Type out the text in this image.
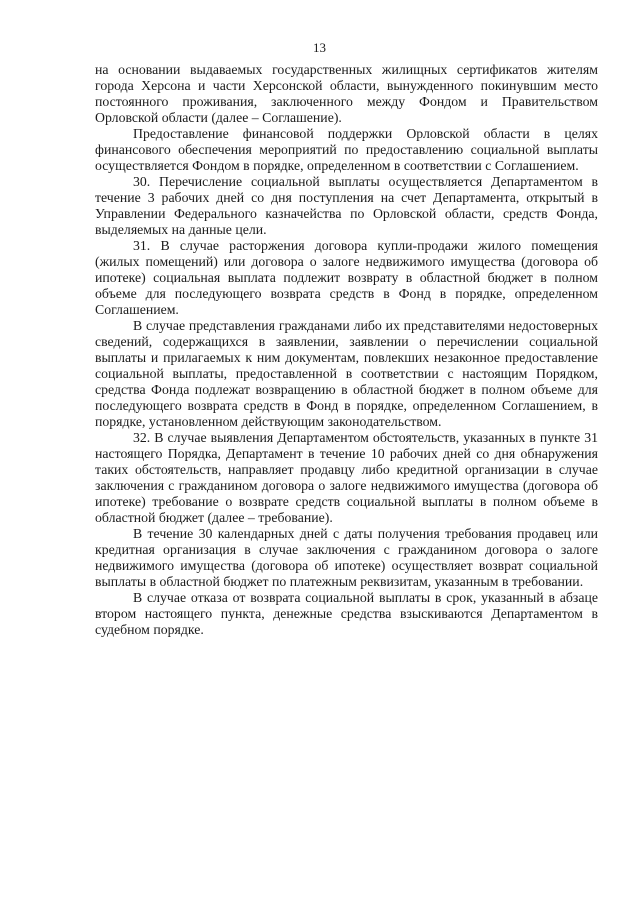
13

на основании выдаваемых государственных жилищных сертификатов жителям города Херсона и части Херсонской области, вынужденного покинувшим место постоянного проживания, заключенного между Фондом и Правительством Орловской области (далее – Соглашение).

Предоставление финансовой поддержки Орловской области в целях финансового обеспечения мероприятий по предоставлению социальной выплаты осуществляется Фондом в порядке, определенном в соответствии с Соглашением.

30. Перечисление социальной выплаты осуществляется Департаментом в течение 3 рабочих дней со дня поступления на счет Департамента, открытый в Управлении Федерального казначейства по Орловской области, средств Фонда, выделяемых на данные цели.

31. В случае расторжения договора купли-продажи жилого помещения (жилых помещений) или договора о залоге недвижимого имущества (договора об ипотеке) социальная выплата подлежит возврату в областной бюджет в полном объеме для последующего возврата средств в Фонд в порядке, определенном Соглашением.

В случае представления гражданами либо их представителями недостоверных сведений, содержащихся в заявлении, заявлении о перечислении социальной выплаты и прилагаемых к ним документам, повлекших незаконное предоставление социальной выплаты, предоставленной в соответствии с настоящим Порядком, средства Фонда подлежат возвращению в областной бюджет в полном объеме для последующего возврата средств в Фонд в порядке, определенном Соглашением, в порядке, установленном действующим законодательством.

32. В случае выявления Департаментом обстоятельств, указанных в пункте 31 настоящего Порядка, Департамент в течение 10 рабочих дней со дня обнаружения таких обстоятельств, направляет продавцу либо кредитной организации в случае заключения с гражданином договора о залоге недвижимого имущества (договора об ипотеке) требование о возврате средств социальной выплаты в полном объеме в областной бюджет (далее – требование).

В течение 30 календарных дней с даты получения требования продавец или кредитная организация в случае заключения с гражданином договора о залоге недвижимого имущества (договора об ипотеке) осуществляет возврат социальной выплаты в областной бюджет по платежным реквизитам, указанным в требовании.

В случае отказа от возврата социальной выплаты в срок, указанный в абзаце втором настоящего пункта, денежные средства взыскиваются Департаментом в судебном порядке.
